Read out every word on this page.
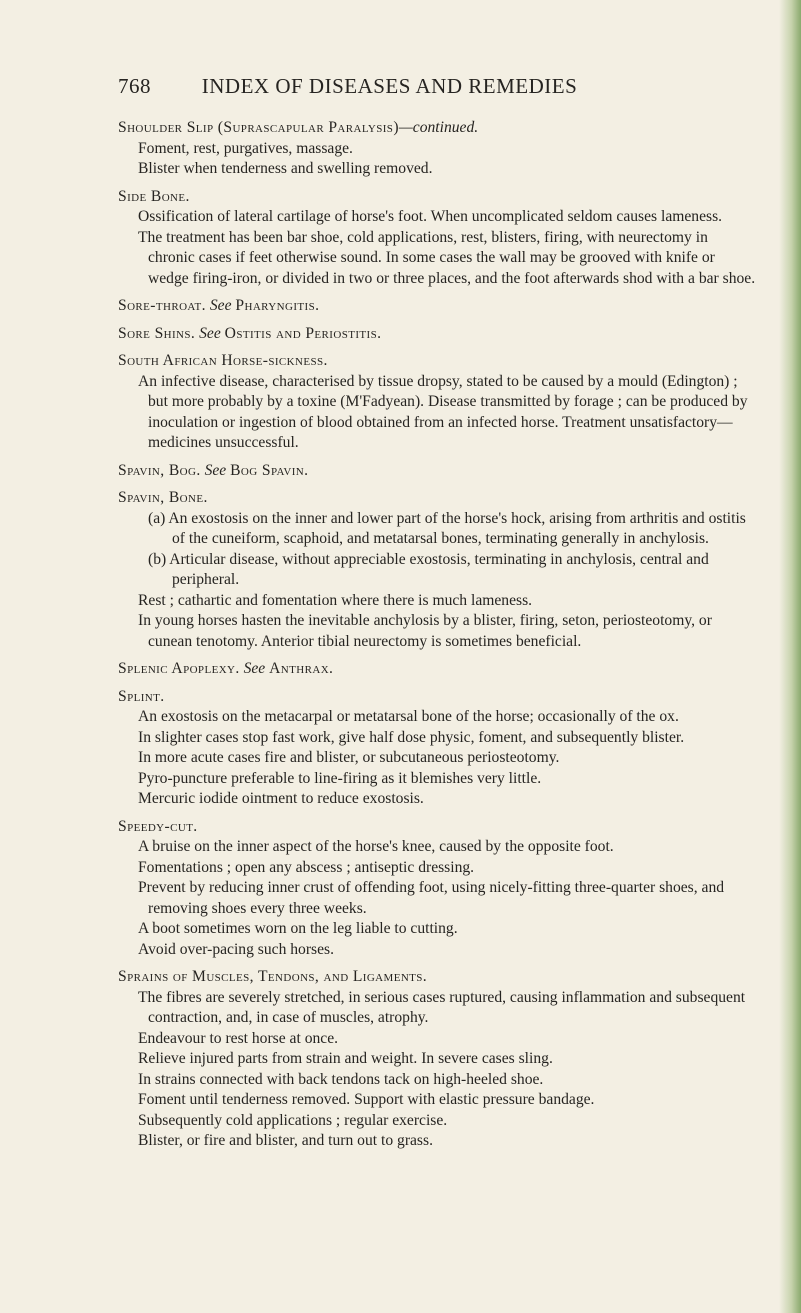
768 INDEX OF DISEASES AND REMEDIES
Shoulder Slip (Suprascapular Paralysis)—continued.

Foment, rest, purgatives, massage.

Blister when tenderness and swelling removed.

Side Bone.

Ossification of lateral cartilage of horse's foot. When uncomplicated seldom causes lameness.

The treatment has been bar shoe, cold applications, rest, blisters, firing, with neurectomy in chronic cases if feet otherwise sound. In some cases the wall may be grooved with knife or wedge firing-iron, or divided in two or three places, and the foot afterwards shod with a bar shoe.

Sore-throat. See Pharyngitis.
Sore Shins. See Ostitis and Periostitis.
South African Horse-sickness.

An infective disease, characterised by tissue dropsy, stated to be caused by a mould (Edington) ; but more probably by a toxine (M'Fadyean). Disease transmitted by forage ; can be produced by inoculation or ingestion of blood obtained from an infected horse. Treatment unsatisfactory—medicines unsuccessful.

Spavin, Bog. See Bog Spavin.
Spavin, Bone.

(a) An exostosis on the inner and lower part of the horse's hock, arising from arthritis and ostitis of the cuneiform, scaphoid, and metatarsal bones, terminating generally in anchylosis.

(b) Articular disease, without appreciable exostosis, terminating in anchylosis, central and peripheral.

Rest ; cathartic and fomentation where there is much lameness.

In young horses hasten the inevitable anchylosis by a blister, firing, seton, periosteotomy, or cunean tenotomy. Anterior tibial neurectomy is sometimes beneficial.

Splenic Apoplexy. See Anthrax.
Splint.

An exostosis on the metacarpal or metatarsal bone of the horse; occasionally of the ox.

In slighter cases stop fast work, give half dose physic, foment, and subsequently blister.

In more acute cases fire and blister, or subcutaneous periosteotomy.

Pyro-puncture preferable to line-firing as it blemishes very little.

Mercuric iodide ointment to reduce exostosis.

Speedy-cut.

A bruise on the inner aspect of the horse's knee, caused by the opposite foot.

Fomentations ; open any abscess ; antiseptic dressing.

Prevent by reducing inner crust of offending foot, using nicely-fitting three-quarter shoes, and removing shoes every three weeks.

A boot sometimes worn on the leg liable to cutting.

Avoid over-pacing such horses.

Sprains of Muscles, Tendons, and Ligaments.

The fibres are severely stretched, in serious cases ruptured, causing inflammation and subsequent contraction, and, in case of muscles, atrophy.

Endeavour to rest horse at once.

Relieve injured parts from strain and weight. In severe cases sling.

In strains connected with back tendons tack on high-heeled shoe.

Foment until tenderness removed. Support with elastic pressure bandage.

Subsequently cold applications ; regular exercise.

Blister, or fire and blister, and turn out to grass.
